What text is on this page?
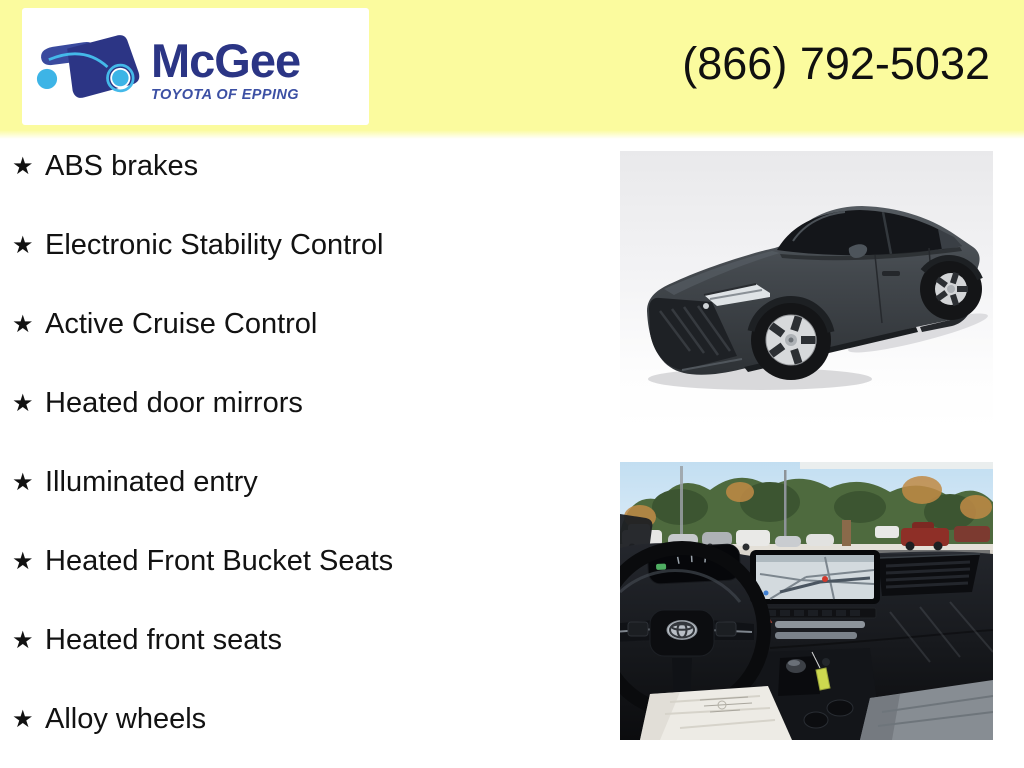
McGee
TOYOTA OF EPPING
(866) 792-5032
★ ABS brakes
★ Electronic Stability Control
★ Active Cruise Control
★ Heated door mirrors
★ Illuminated entry
★ Heated Front Bucket Seats
★ Heated front seats
★ Alloy wheels
